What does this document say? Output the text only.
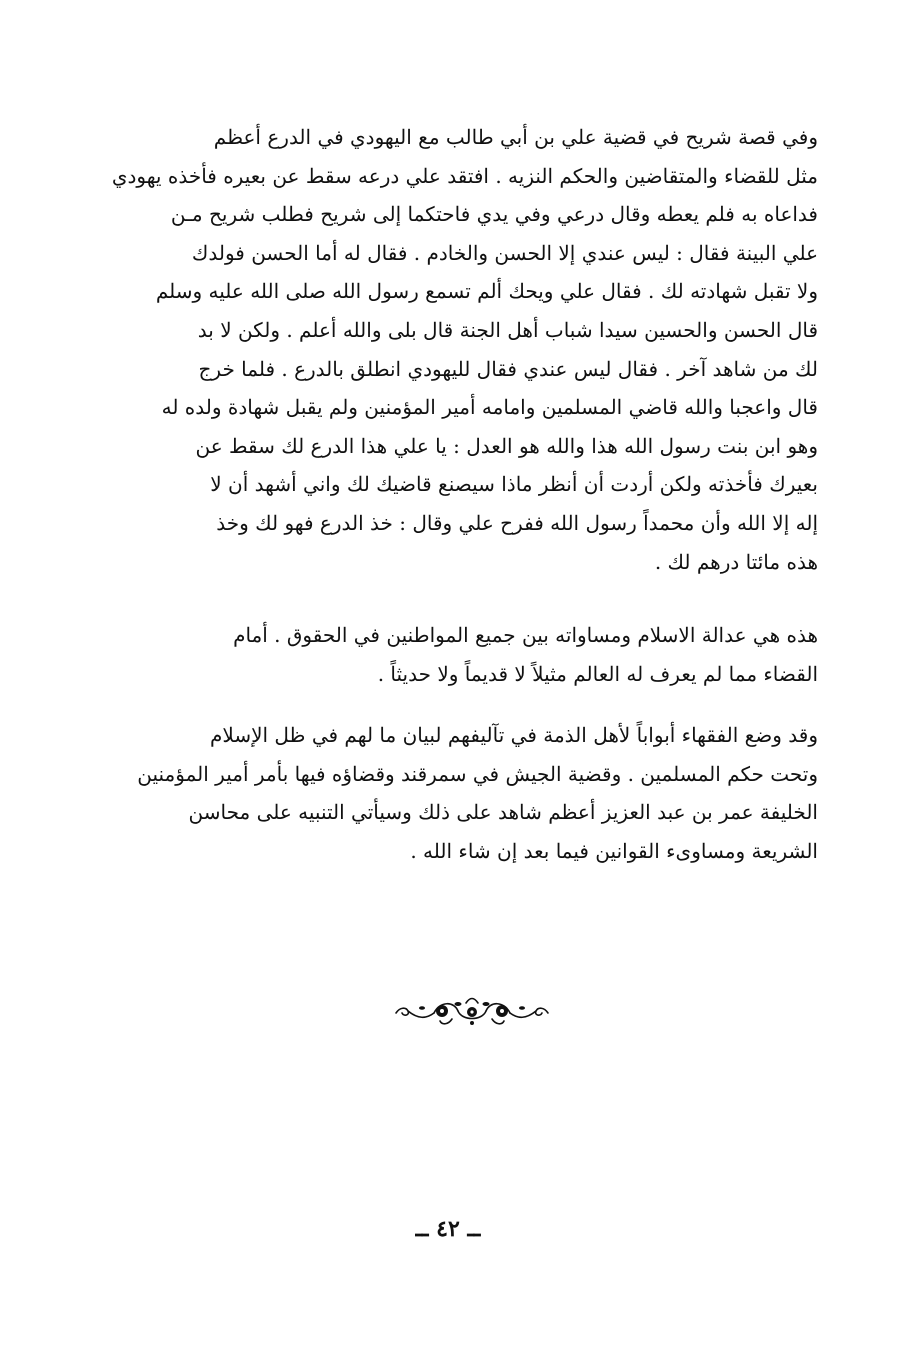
وفي قصة شريح في قضية علي بن أبي طالب مع اليهودي في الدرع أعظم
مثل للقضاء والمتقاضين والحكم النزيه . افتقد علي درعه سقط عن بعيره فأخذه يهودي
فداعاه به فلم يعطه وقال درعي وفي يدي فاحتكما إلى شريح فطلب شريح مـن
علي البينة فقال : ليس عندي إلا الحسن والخادم . فقال له أما الحسن فولدك
ولا تقبل شهادته لك . فقال علي ويحك ألم تسمع رسول الله صلى الله عليه وسلم
قال الحسن والحسين سيدا شباب أهل الجنة قال بلى والله أعلم . ولكن لا بد
لك من شاهد آخر . فقال ليس عندي فقال لليهودي انطلق بالدرع . فلما خرج
قال واعجبا والله قاضي المسلمين وامامه أمير المؤمنين ولم يقبل شهادة ولده له
وهو ابن بنت رسول الله هذا والله هو العدل : يا علي هذا الدرع لك سقط عن
بعيرك فأخذته ولكن أردت أن أنظر ماذا سيصنع قاضيك لك واني أشهد أن لا
إله إلا الله وأن محمداً رسول الله ففرح علي وقال : خذ الدرع فهو لك وخذ
هذه مائتا درهم لك .
هذه هي عدالة الاسلام ومساواته بين جميع المواطنين في الحقوق . أمام
القضاء مما لم يعرف له العالم مثيلاً لا قديماً ولا حديثاً .
وقد وضع الفقهاء أبواباً لأهل الذمة في تآليفهم لبيان ما لهم في ظل الإسلام
وتحت حكم المسلمين . وقضية الجيش في سمرقند وقضاؤه فيها بأمر أمير المؤمنين
الخليفة عمر بن عبد العزيز أعظم شاهد على ذلك وسيأتي التنبيه على محاسن
الشريعة ومساوىء القوانين فيما بعد إن شاء الله .
ــ ٤٢ ــ
